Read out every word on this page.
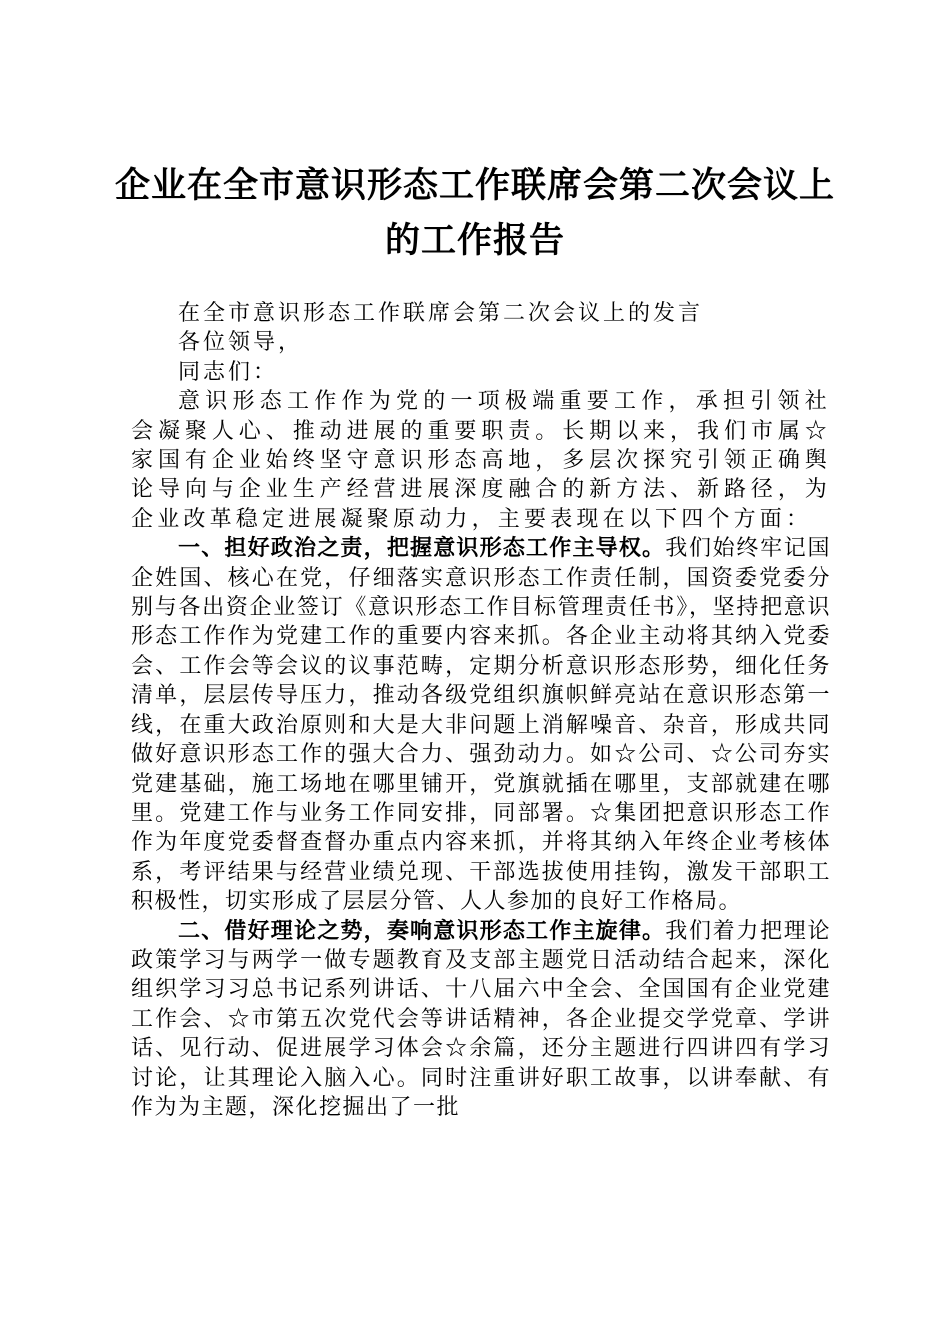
企业在全市意识形态工作联席会第二次会议上
的工作报告

在全市意识形态工作联席会第二次会议上的发言

各位领导，

同志们：

意识形态工作作为党的一项极端重要工作，承担引领社会凝聚人心、推动进展的重要职责。长期以来，我们市属☆家国有企业始终坚守意识形态高地，多层次探究引领正确舆论导向与企业生产经营进展深度融合的新方法、新路径，为企业改革稳定进展凝聚原动力，主要表现在以下四个方面：

一、担好政治之责，把握意识形态工作主导权。我们始终牢记国企姓国、核心在党，仔细落实意识形态工作责任制，国资委党委分别与各出资企业签订《意识形态工作目标管理责任书》，坚持把意识形态工作作为党建工作的重要内容来抓。各企业主动将其纳入党委会、工作会等会议的议事范畴，定期分析意识形态形势，细化任务清单，层层传导压力，推动各级党组织旗帜鲜亮站在意识形态第一线，在重大政治原则和大是大非问题上消解噪音、杂音，形成共同做好意识形态工作的强大合力、强劲动力。如☆公司、☆公司夯实党建基础，施工场地在哪里铺开，党旗就插在哪里，支部就建在哪里。党建工作与业务工作同安排，同部署。☆集团把意识形态工作作为年度党委督查督办重点内容来抓，并将其纳入年终企业考核体系，考评结果与经营业绩兑现、干部选拔使用挂钩，激发干部职工积极性，切实形成了层层分管、人人参加的良好工作格局。

二、借好理论之势，奏响意识形态工作主旋律。我们着力把理论政策学习与两学一做专题教育及支部主题党日活动结合起来，深化组织学习习总书记系列讲话、十八届六中全会、全国国有企业党建工作会、☆市第五次党代会等讲话精神，各企业提交学党章、学讲话、见行动、促进展学习体会☆余篇，还分主题进行四讲四有学习讨论，让其理论入脑入心。同时注重讲好职工故事，以讲奉献、有作为为主题，深化挖掘出了一批
